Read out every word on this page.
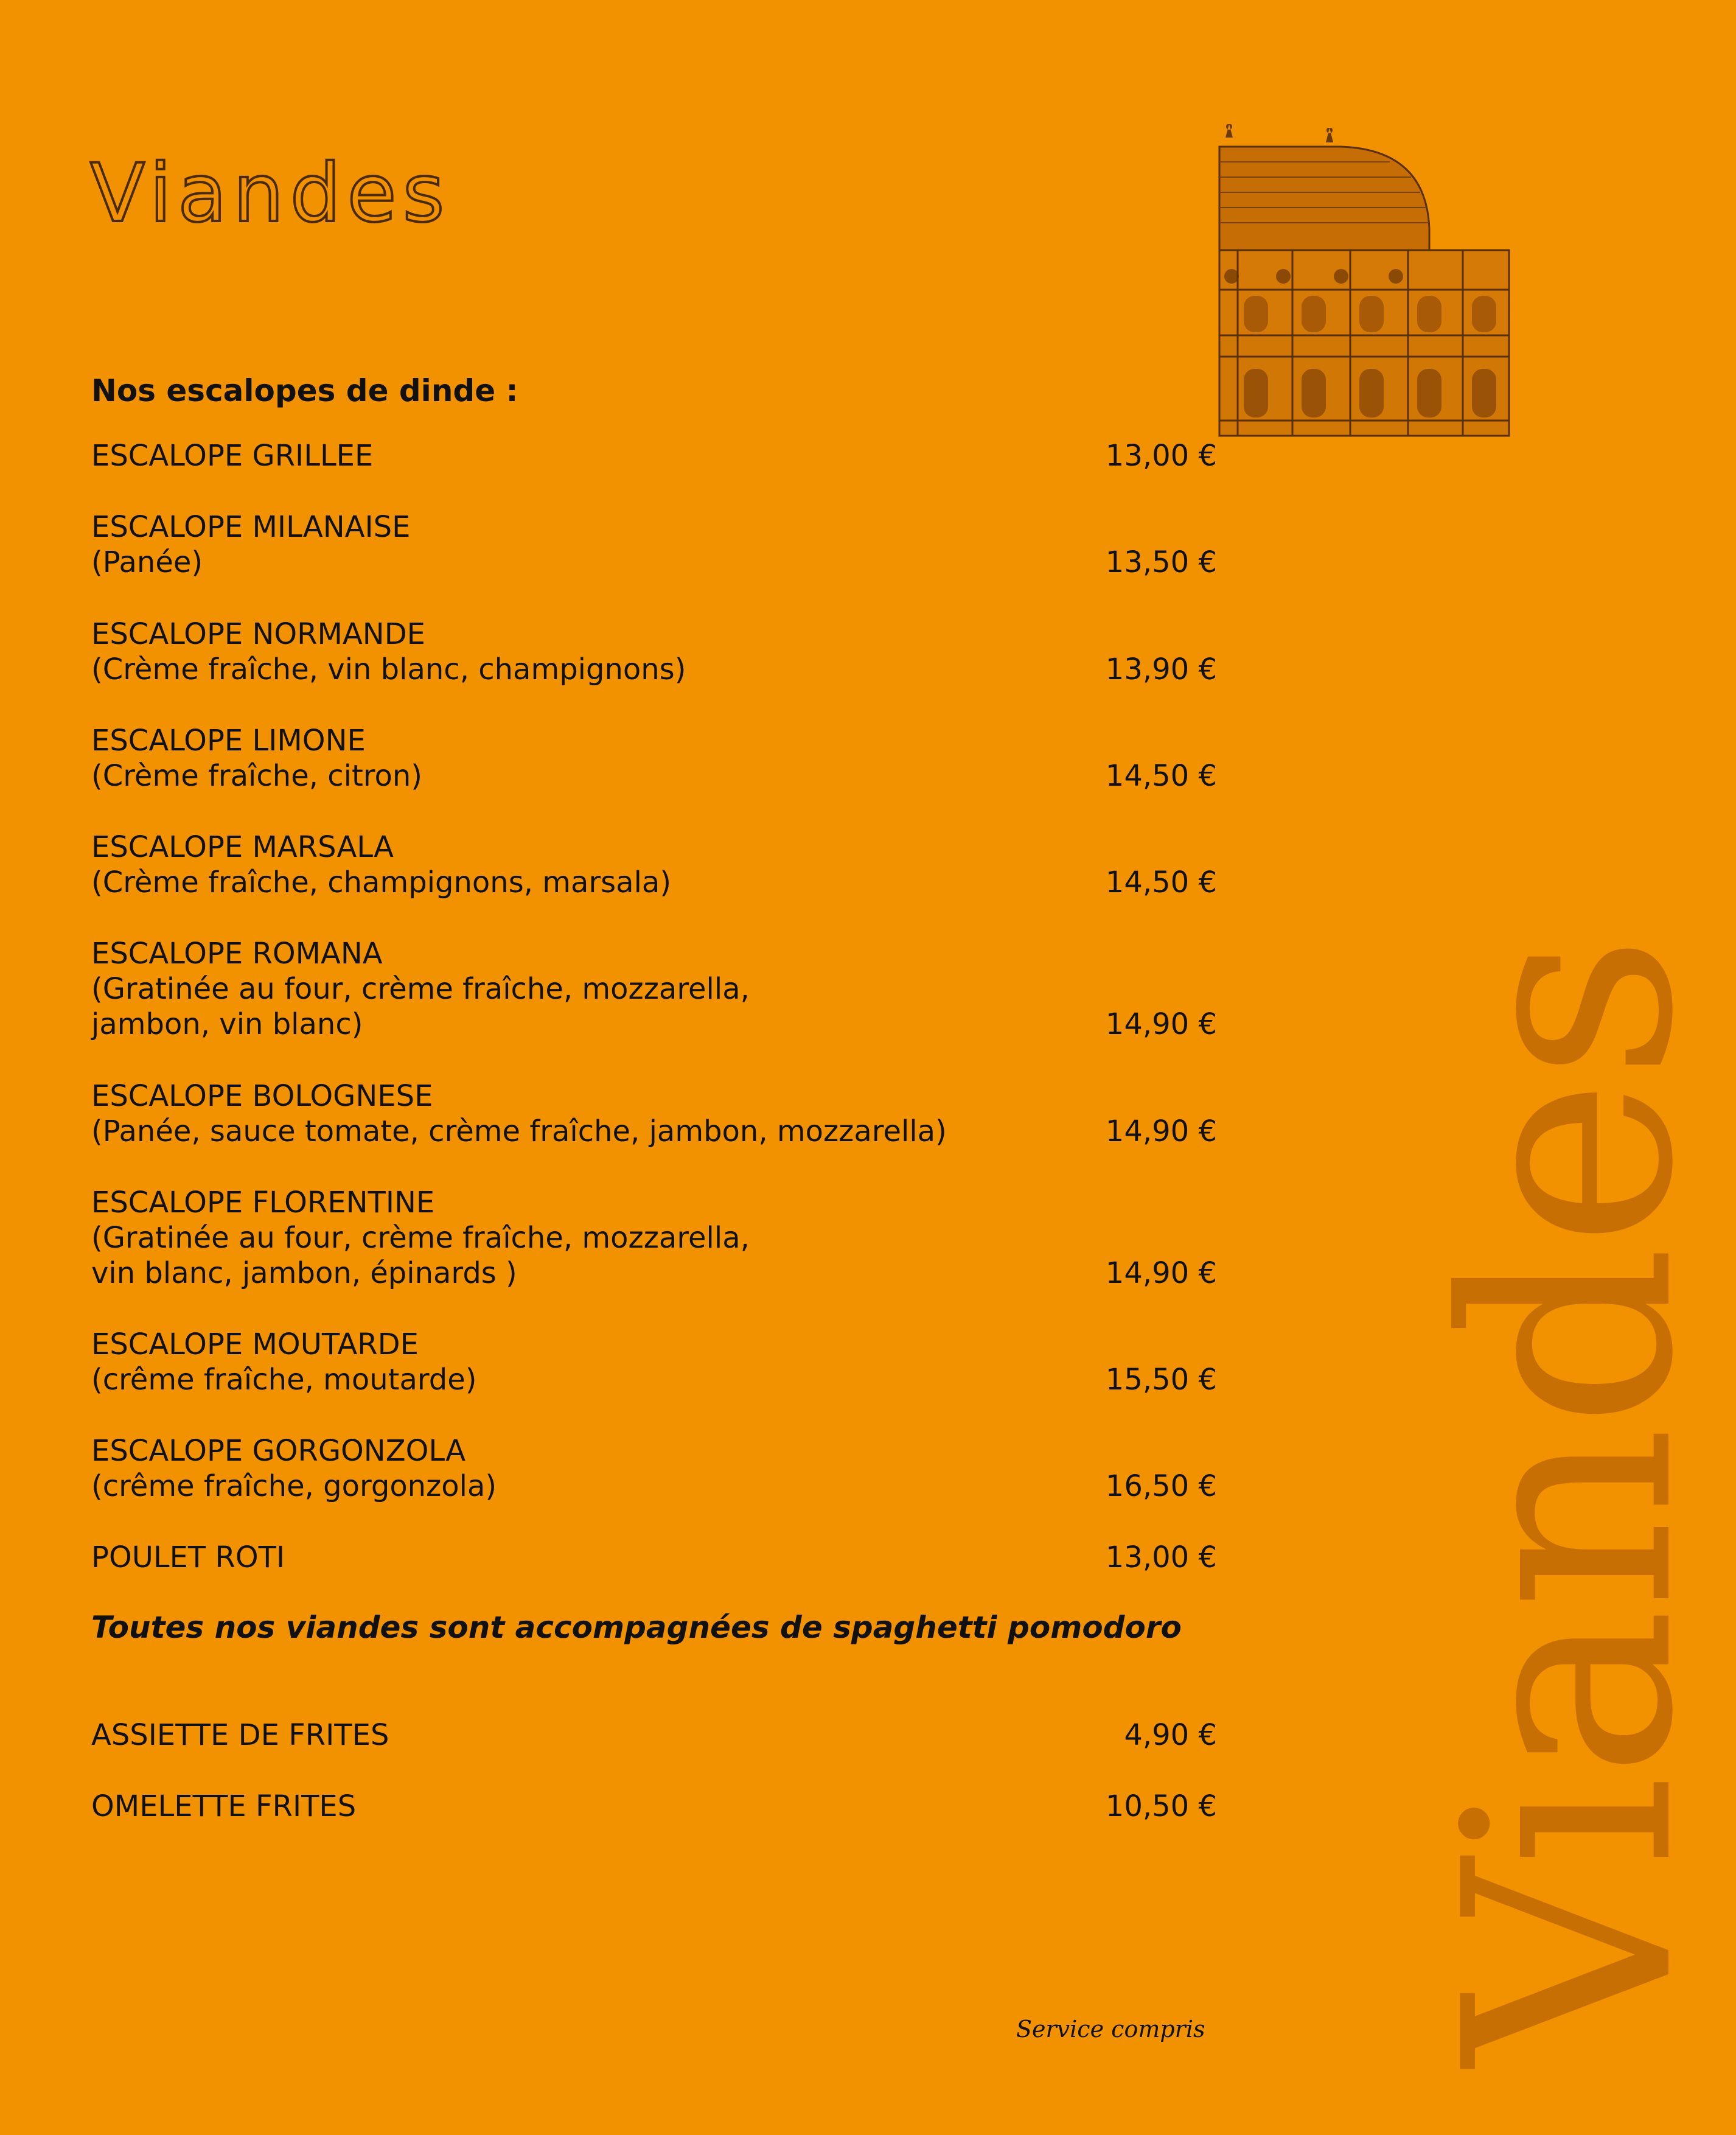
Viandes
Viandes
Nos escalopes de dinde :
ESCALOPE GRILLEE	13,00 €
ESCALOPE MILANAISE
(Panée)	13,50 €
ESCALOPE NORMANDE
(Crème fraîche, vin blanc, champignons)	13,90 €
ESCALOPE LIMONE
(Crème fraîche, citron)	14,50 €
ESCALOPE MARSALA
(Crème fraîche, champignons, marsala)	14,50 €
ESCALOPE ROMANA
(Gratinée au four, crème fraîche, mozzarella,
jambon, vin blanc)	14,90 €
ESCALOPE BOLOGNESE
(Panée, sauce tomate, crème fraîche, jambon, mozzarella)	14,90 €
ESCALOPE FLORENTINE
(Gratinée au four, crème fraîche, mozzarella,
vin blanc, jambon, épinards )	14,90 €
ESCALOPE MOUTARDE
(crême fraîche, moutarde)	15,50 €
ESCALOPE GORGONZOLA
(crême fraîche, gorgonzola)	16,50 €
POULET ROTI	13,00 €
ASSIETTE DE FRITES	4,90 €
OMELETTE FRITES	10,50 €
Toutes nos viandes sont accompagnées de spaghetti pomodoro
Service compris
